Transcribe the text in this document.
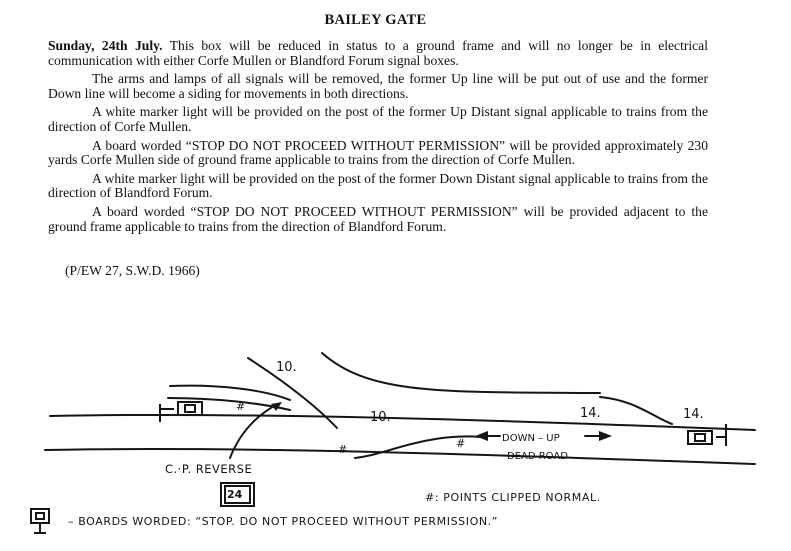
BAILEY GATE

Sunday, 24th July. This box will be reduced in status to a ground frame and will no longer be in electrical communication with either Corfe Mullen or Blandford Forum signal boxes.

The arms and lamps of all signals will be removed, the former Up line will be put out of use and the former Down line will become a siding for movements in both directions.

A white marker light will be provided on the post of the former Up Distant signal applicable to trains from the direction of Corfe Mullen.

A board worded “STOP DO NOT PROCEED WITHOUT PERMISSION” will be provided approximately 230 yards Corfe Mullen side of ground frame applicable to trains from the direction of Corfe Mullen.

A white marker light will be provided on the post of the former Down Distant signal applicable to trains from the direction of Blandford Forum.

A board worded “STOP DO NOT PROCEED WITHOUT PERMISSION” will be provided adjacent to the ground frame applicable to trains from the direction of Blandford Forum.

(P/EW 27, S.W.D. 1966)
10.
10.	14.	14.
#
#	#	DOWN – UP
DEAD ROAD
C.·P. REVERSE
24	#: POINTS CLIPPED NORMAL.
– BOARDS WORDED: “STOP. DO NOT PROCEED WITHOUT PERMISSION.”
